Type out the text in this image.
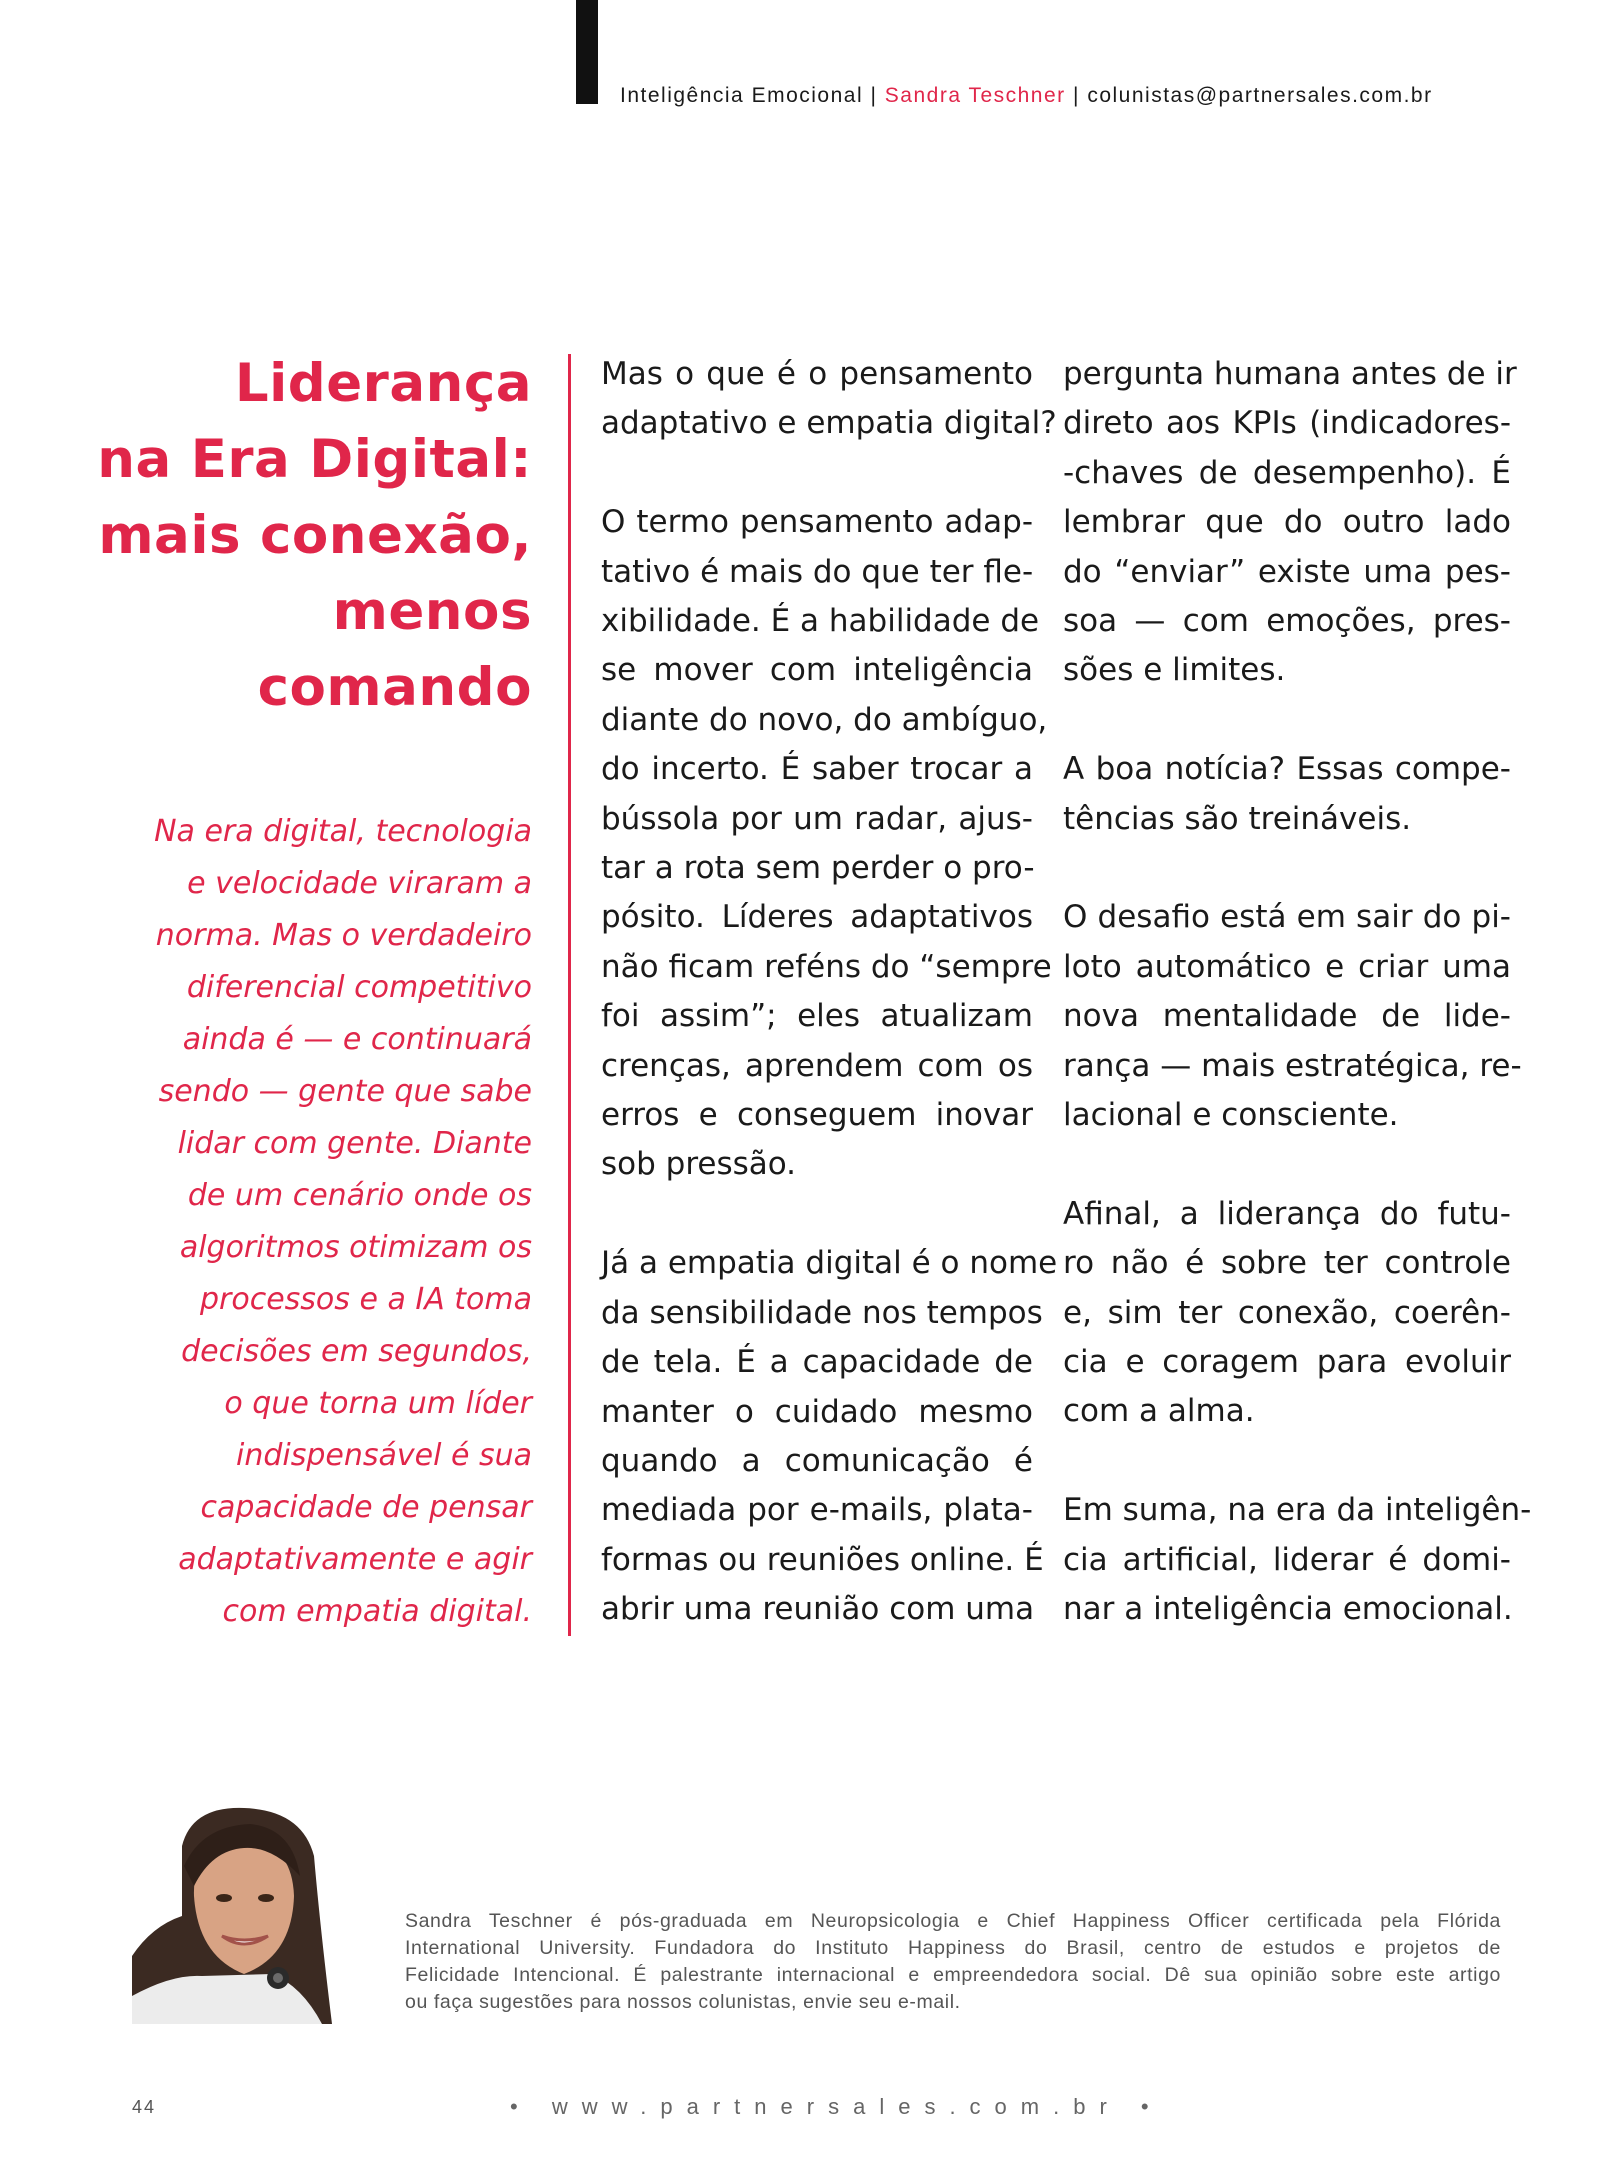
Inteligência Emocional | Sandra Teschner | colunistas@partnersales.com.br
Liderança
na Era Digital:
mais conexão,
menos
comando
Na era digital, tecnologia
e velocidade viraram a
norma. Mas o verdadeiro
diferencial competitivo
ainda é — e continuará
sendo — gente que sabe
lidar com gente. Diante
de um cenário onde os
algoritmos otimizam os
processos e a IA toma
decisões em segundos,
o que torna um líder
indispensável é sua
capacidade de pensar
adaptativamente e agir
com empatia digital.
Mas o que é o pensamento
adaptativo e empatia digital?
O termo pensamento adap-
tativo é mais do que ter fle-
xibilidade. É a habilidade de
se mover com inteligência
diante do novo, do ambíguo,
do incerto. É saber trocar a
bússola por um radar, ajus-
tar a rota sem perder o pro-
pósito. Líderes adaptativos
não ficam reféns do “sempre
foi assim”; eles atualizam
crenças, aprendem com os
erros e conseguem inovar
sob pressão.
Já a empatia digital é o nome
da sensibilidade nos tempos
de tela. É a capacidade de
manter o cuidado mesmo
quando a comunicação é
mediada por e-mails, plata-
formas ou reuniões online. É
abrir uma reunião com uma
pergunta humana antes de ir
direto aos KPIs (indicadores-
-chaves de desempenho). É
lembrar que do outro lado
do “enviar” existe uma pes-
soa — com emoções, pres-
sões e limites.
A boa notícia? Essas compe-
tências são treináveis.
O desafio está em sair do pi-
loto automático e criar uma
nova mentalidade de lide-
rança — mais estratégica, re-
lacional e consciente.
Afinal, a liderança do futu-
ro não é sobre ter controle
e, sim ter conexão, coerên-
cia e coragem para evoluir
com a alma.
Em suma, na era da inteligên-
cia artificial, liderar é domi-
nar a inteligência emocional.
Sandra Teschner é pós-graduada em Neuropsicologia e Chief Happiness Officer certificada pela Flórida
International University. Fundadora do Instituto Happiness do Brasil, centro de estudos e projetos de
Felicidade Intencional. É palestrante internacional e empreendedora social. Dê sua opinião sobre este artigo
ou faça sugestões para nossos colunistas, envie seu e-mail.
44	• www.partnersales.com.br •
